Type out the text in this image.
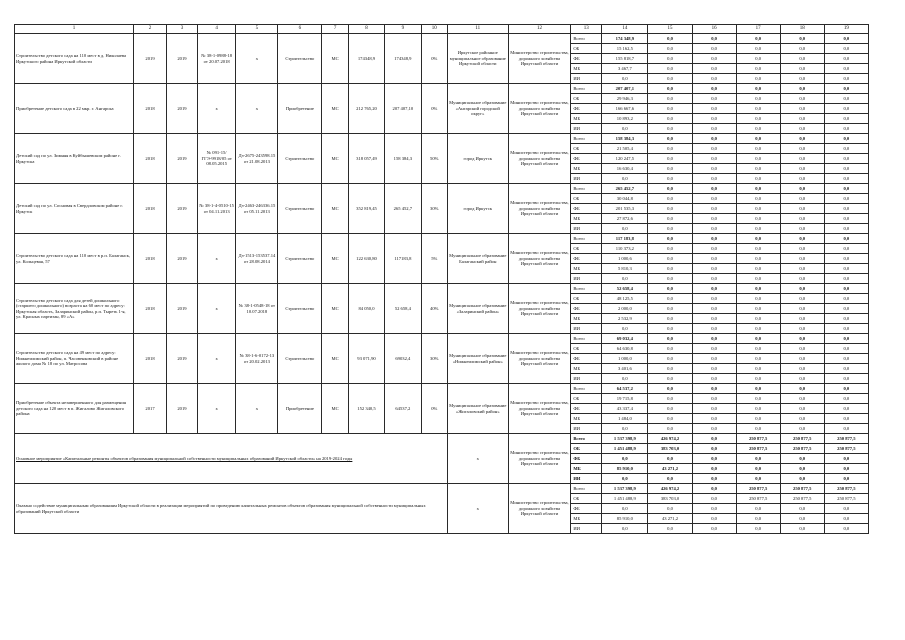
1	2	3	4	5	6	7	8	9	10	11	12	13	14	15	16	17	18	19
Строительство детского сада на 110 мест в д. Николаева Иркутского района Иркутской области	2019	2019	№ 38-1-0988-18 от 20.07.2018	х	Строительство	МС	174348,9	174348,9	0%	Иркутское районное муниципальное образование Иркутской области	Министерство строительства, дорожного хозяйства Иркутской области	Всего	174 348,9	0,0	0,0	0,0	0,0	0,0
												ОБ	15 162,5	0,0	0,0	0,0	0,0	0,0
												ФБ	155 818,7	0,0	0,0	0,0	0,0	0,0
												МБ	3 467,7	0,0	0,0	0,0	0,0	0,0
												ИИ	0,0	0,0	0,0	0,0	0,0	0,0
Приобретение детского сада в 22 мкр. г. Ангарска	2018	2019	х	х	Приобретение	МС	212 765,20	207 407,10	0%	Муниципальное образование «Ангарский городской округ»	Министерство строительства, дорожного хозяйства Иркутской области	Всего	207 407,1	0,0	0,0	0,0	0,0	0,0
												ОБ	29 946,3	0,0	0,0	0,0	0,0	0,0
												ФБ	166 667,6	0,0	0,0	0,0	0,0	0,0
												МБ	10 893,2	0,0	0,0	0,0	0,0	0,0
												ИИ	0,0	0,0	0,0	0,0	0,0	0,0
Детский сад по ул. Зимняя в Куйбышевском районе г. Иркутска	2018	2019	№ 091-15/ГГЭ-9918/05 от 08.05.2015	Дз-2675-243598.15 от 21.08.2013	Строительство	МС	318 057,49	158 384,3	50%	город Иркутск	Министерство строительства, дорожного хозяйства Иркутской области	Всего	158 384,3	0,0	0,0	0,0	0,0	0,0
												ОБ	21 505,4	0,0	0,0	0,0	0,0	0,0
												ФБ	120 247,5	0,0	0,0	0,0	0,0	0,0
												МБ	16 630,4	0,0	0,0	0,0	0,0	0,0
												ИИ	0,0	0,0	0,0	0,0	0,0	0,0
Детский сад по ул. Сосновая в Свердловском районе г. Иркутск	2018	2019	№ 38-1-4-0510-15 от 04.11.2013	Дз-2463-246336.15 от 05.11.2013	Строительство	МС	352 819,45	265 452,7	30%	город Иркутск	Министерство строительства, дорожного хозяйства Иркутской области	Всего	265 452,7	0,0	0,0	0,0	0,0	0,0
												ОБ	30 044,8	0,0	0,0	0,0	0,0	0,0
												ФБ	201 535,3	0,0	0,0	0,0	0,0	0,0
												МБ	27 872,6	0,0	0,0	0,0	0,0	0,0
												ИИ	0,0	0,0	0,0	0,0	0,0	0,0
Строительство детского сада на 110 мест в р.п. Балаганск, ул. Кольцевая, 57	2018	2019	х	Дз-1513-153537.14 от 28.08.2014	Строительство	МС	122 630,80	117183,8	5%	Муниципальное образование Балаганский район	Министерство строительства, дорожного хозяйства Иркутской области	Всего	117 183,8	0,0	0,0	0,0	0,0	0,0
												ОБ	110 373,2	0,0	0,0	0,0	0,0	0,0
												ФБ	1 000,6	0,0	0,0	0,0	0,0	0,0
												МБ	5 810,3	0,0	0,0	0,0	0,0	0,0
												ИИ	0,0	0,0	0,0	0,0	0,0	0,0
Строительство детского сада для детей дошкольного (старшего дошкольного) возраста на 60 мест по адресу: Иркутская область, Заларинский район, р.п. Тыреть 1-я, ул. Красных партизан, 89 «А»	2018	2019	х	№ 38-1-0548-18 от 10.07.2018	Строительство	МС	84 050,0	52 658,4	40%	Муниципальное образование «Заларинский район»	Министерство строительства, дорожного хозяйства Иркутской области	Всего	52 658,4	0,0	0,0	0,0	0,0	0,0
												ОБ	48 125,5	0,0	0,0	0,0	0,0	0,0
												ФБ	2 000,0	0,0	0,0	0,0	0,0	0,0
												МБ	2 532,9	0,0	0,0	0,0	0,0	0,0
												ИИ	0,0	0,0	0,0	0,0	0,0	0,0
Строительство детского сада на 49 мест по адресу: Нижнеилимский район, п. Часовенковский в районе жилого дома № 18 по ул. Матросова	2018	2019	х	№ 38-1-6-0172-13 от 20.02.2013	Строительство	МС	93 071,90	69032,4	30%	Муниципальное образование «Нижнеилимский район»	Министерство строительства, дорожного хозяйства Иркутской области	Всего	69 032,4	0,0	0,0	0,0	0,0	0,0
												ОБ	64 630,8	0,0	0,0	0,0	0,0	0,0
												ФБ	1 000,0	0,0	0,0	0,0	0,0	0,0
												МБ	3 401,6	0,0	0,0	0,0	0,0	0,0
												ИИ	0,0	0,0	0,0	0,0	0,0	0,0
Приобретение объекта незавершенного для размещения детского сада на 120 мест в п. Жигалово Жигаловского района	2017	2019	х	х	Приобретение	МС	152 340,5	64537,2	0%	Муниципальное образование «Жигаловский район»	Министерство строительства, дорожного хозяйства Иркутской области	Всего	64 537,2	0,0	0,0	0,0	0,0	0,0
												ОБ	19 715,8	0,0	0,0	0,0	0,0	0,0
												ФБ	43 337,4	0,0	0,0	0,0	0,0	0,0
												МБ	1 484,0	0,0	0,0	0,0	0,0	0,0
												ИИ	0,0	0,0	0,0	0,0	0,0	0,0
Основное мероприятие «Капитальные ремонты объектов образования муниципальной собственности муниципальных образований Иркутской области» на 2019-2024 годы										х	Министерство строительства, дорожного хозяйства Иркутской области	Всего	1 537 398,9	426 974,2	0,0	250 877,5	250 877,5	250 877,5
												ОБ	1 451 488,9	383 703,0	0,0	250 877,5	250 877,5	250 877,5
												ФБ	0,0	0,0	0,0	0,0	0,0	0,0
												МБ	85 910,0	43 271,2	0,0	0,0	0,0	0,0
												ИИ	0,0	0,0	0,0	0,0	0,0	0,0
Оказано содействие муниципальным образованиям Иркутской области в реализации мероприятий по проведению капитальных ремонтов объектов образования муниципальной собственности муниципальных образований Иркутской области										х	Министерство строительства, дорожного хозяйства Иркутской области	Всего	1 537 398,9	426 974,2	0,0	250 877,5	250 877,5	250 877,5
												ОБ	1 451 488,9	383 703,0	0,0	250 877,5	250 877,5	250 877,5
												ФБ	0,0	0,0	0,0	0,0	0,0	0,0
												МБ	85 910,0	43 271,2	0,0	0,0	0,0	0,0
												ИИ	0,0	0,0	0,0	0,0	0,0	0,0
